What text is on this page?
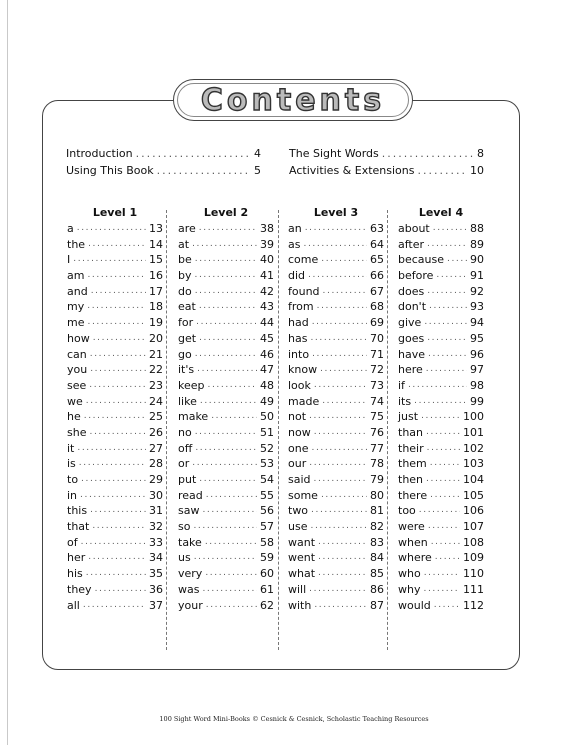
Contents
Introduction .....	4
Using This Book .....	5
The Sight Words .....	8
Activities & Extensions .....	10
Level 1
a .....	13
the .....	14
I .....	15
am .....	16
and .....	17
my .....	18
me .....	19
how .....	20
can .....	21
you .....	22
see .....	23
we .....	24
he .....	25
she .....	26
it .....	27
is .....	28
to .....	29
in .....	30
this .....	31
that .....	32
of .....	33
her .....	34
his .....	35
they .....	36
all .....	37
Level 2
are .....	38
at .....	39
be .....	40
by .....	41
do .....	42
eat .....	43
for .....	44
get .....	45
go .....	46
it's .....	47
keep .....	48
like .....	49
make .....	50
no .....	51
off .....	52
or .....	53
put .....	54
read .....	55
saw .....	56
so .....	57
take .....	58
us .....	59
very .....	60
was .....	61
your .....	62
Level 3
an .....	63
as .....	64
come .....	65
did .....	66
found .....	67
from .....	68
had .....	69
has .....	70
into .....	71
know .....	72
look .....	73
made .....	74
not .....	75
now .....	76
one .....	77
our .....	78
said .....	79
some .....	80
two .....	81
use .....	82
want .....	83
went .....	84
what .....	85
will .....	86
with .....	87
Level 4
about .....	88
after .....	89
because ..... 90
before .....	91
does .....	92
don't .....	93
give .....	94
goes .....	95
have .....	96
here .....	97
if .....	98
its .....	99
just .....	100
than .....	101
their .....	102
them .....	103
then .....	104
there .....	105
too .....	106
were .....	107
when .....	108
where .....	109
who .....	110
why .....	111
would .....	112
100 Sight Word Mini-Books © Cesnick & Cesnick, Scholastic Teaching Resources
